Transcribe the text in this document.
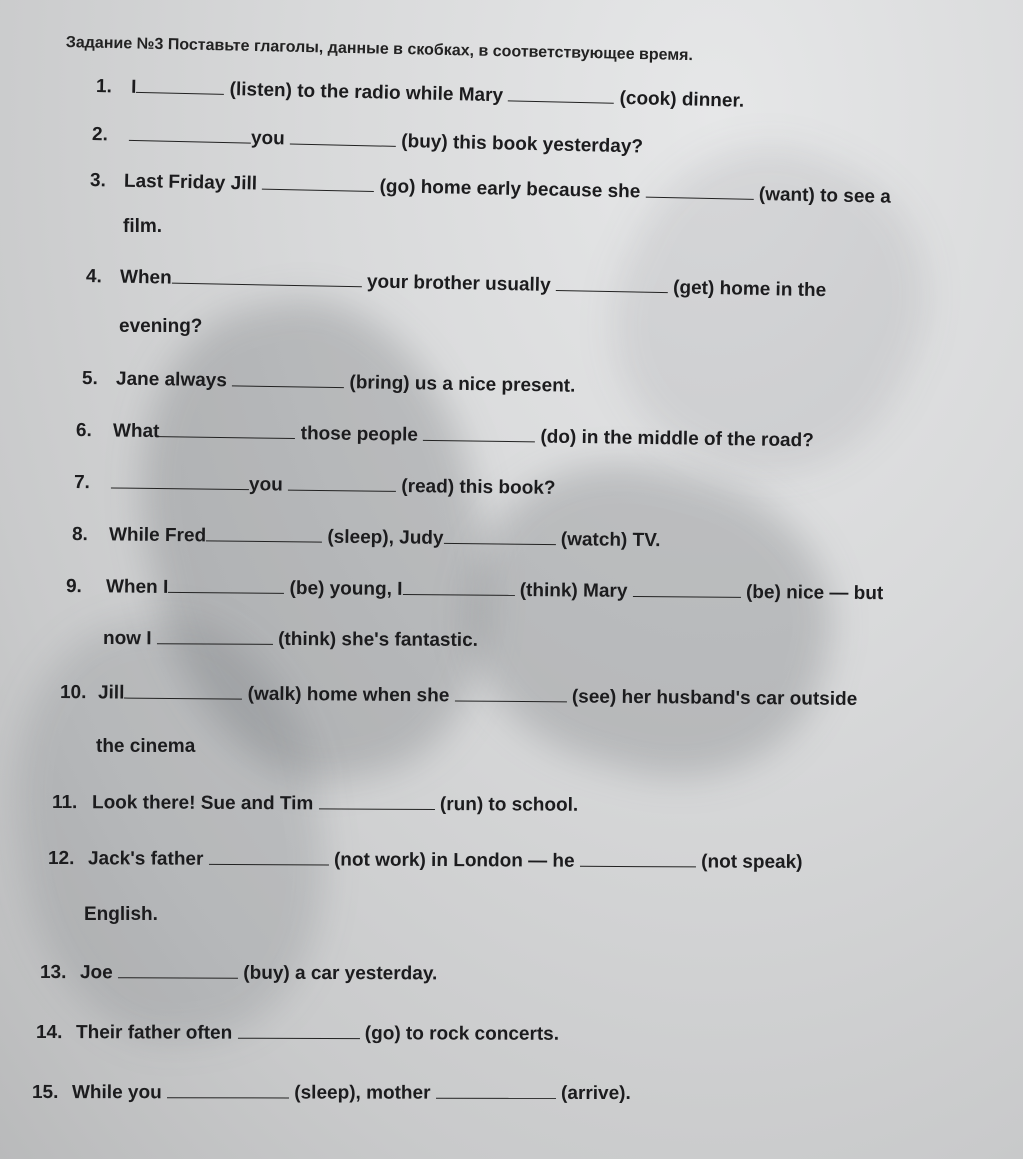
Задание №3 Поставьте глаголы, данные в скобках, в соответствующее время.
1. I	(listen) to the radio while Mary	(cook) dinner.
2.	you	(buy) this book yesterday?
3. Last Friday Jill	(go) home early because she	(want) to see a
film.
4. When	your brother usually	(get) home in the
evening?
5. Jane always	(bring) us a nice present.
6. What	those people	(do) in the middle of the road?
7.	you	(read) this book?
8. While Fred	(sleep), Judy	(watch) TV.
9. When I	(be) young, I	(think) Mary	(be) nice — but
now I	(think) she's fantastic.
10. Jill	(walk) home when she	(see) her husband's car outside
the cinema
11. Look there! Sue and Tim	(run) to school.
12. Jack's father	(not work) in London — he	(not speak)
English.
13. Joe	(buy) a car yesterday.
14. Their father often	(go) to rock concerts.
15. While you	(sleep), mother	(arrive).
